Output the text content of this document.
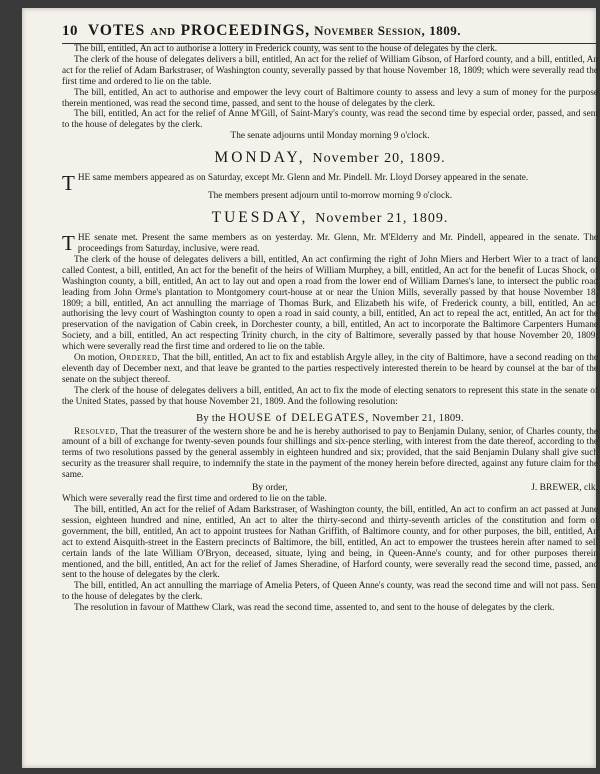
10 VOTES AND PROCEEDINGS, November Session, 1809.

The bill, entitled, An act to authorise a lottery in Frederick county, was sent to the house of delegates by the clerk.

The clerk of the house of delegates delivers a bill, entitled, An act for the relief of William Gibson, of Harford county, and a bill, entitled, An act for the relief of Adam Barkstraser, of Washington county, severally passed by that house November 18, 1809; which were severally read the first time and ordered to lie on the table.

The bill, entitled, An act to authorise and empower the levy court of Baltimore county to assess and levy a sum of money for the purpose therein mentioned, was read the second time, passed, and sent to the house of delegates by the clerk.

The bill, entitled, An act for the relief of Anne M'Gill, of Saint-Mary's county, was read the second time by especial order, passed, and sent to the house of delegates by the clerk.

The senate adjourns until Monday morning 9 o'clock.

MONDAY, November 20, 1809.

THE same members appeared as on Saturday, except Mr. Glenn and Mr. Pindell. Mr. Lloyd Dorsey appeared in the senate.

The members present adjourn until to-morrow morning 9 o'clock.

TUESDAY, November 21, 1809.

THE senate met. Present the same members as on yesterday. Mr. Glenn, Mr. M'Elderry and Mr. Pindell, appeared in the senate. The proceedings from Saturday, inclusive, were read.

The clerk of the house of delegates delivers a bill, entitled, An act confirming the right of John Miers and Herbert Wier to a tract of land called Contest, a bill, entitled, An act for the benefit of the heirs of William Murphey, a bill, entitled, An act for the benefit of Lucas Shock, of Washington county, a bill, entitled, An act to lay out and open a road from the lower end of William Darnes's lane, to intersect the public road leading from John Orme's plantation to Montgomery court-house at or near the Union Mills, severally passed by that house November 18, 1809; a bill, entitled, An act annulling the marriage of Thomas Burk, and Elizabeth his wife, of Frederick county, a bill, entitled, An act authorising the levy court of Washington county to open a road in said county, a bill, entitled, An act to repeal the act, entitled, An act for the preservation of the navigation of Cabin creek, in Dorchester county, a bill, entitled, An act to incorporate the Baltimore Carpenters Humane Society, and a bill, entitled, An act respecting Trinity church, in the city of Baltimore, severally passed by that house November 20, 1809; which were severally read the first time and ordered to lie on the table.

On motion, Ordered, That the bill, entitled, An act to fix and establish Argyle alley, in the city of Baltimore, have a second reading on the eleventh day of December next, and that leave be granted to the parties respectively interested therein to be heard by counsel at the bar of the senate on the subject thereof.

The clerk of the house of delegates delivers a bill, entitled, An act to fix the mode of electing senators to represent this state in the senate of the United States, passed by that house November 21, 1809. And the following resolution:

By the HOUSE of DELEGATES, November 21, 1809.

Resolved, That the treasurer of the western shore be and he is hereby authorised to pay to Benjamin Dulany, senior, of Charles county, the amount of a bill of exchange for twenty-seven pounds four shillings and six-pence sterling, with interest from the date thereof, according to the terms of two resolutions passed by the general assembly in eighteen hundred and six; provided, that the said Benjamin Dulany shall give such security as the treasurer shall require, to indemnify the state in the payment of the money herein before directed, against any future claim for the same.

By order,	J. BREWER, clk.

Which were severally read the first time and ordered to lie on the table.

The bill, entitled, An act for the relief of Adam Barkstraser, of Washington county, the bill, entitled, An act to confirm an act passed at June session, eighteen hundred and nine, entitled, An act to alter the thirty-second and thirty-seventh articles of the constitution and form of government, the bill, entitled, An act to appoint trustees for Nathan Griffith, of Baltimore county, and for other purposes, the bill, entitled, An act to extend Aisquith-street in the Eastern precincts of Baltimore, the bill, entitled, An act to empower the trustees herein after named to sell certain lands of the late William O'Bryon, deceased, situate, lying and being, in Queen-Anne's county, and for other purposes therein mentioned, and the bill, entitled, An act for the relief of James Sheradine, of Harford county, were severally read the second time, passed, and sent to the house of delegates by the clerk.

The bill, entitled, An act annulling the marriage of Amelia Peters, of Queen Anne's county, was read the second time and will not pass. Sent to the house of delegates by the clerk.

The resolution in favour of Matthew Clark, was read the second time, assented to, and sent to the house of delegates by the clerk.
